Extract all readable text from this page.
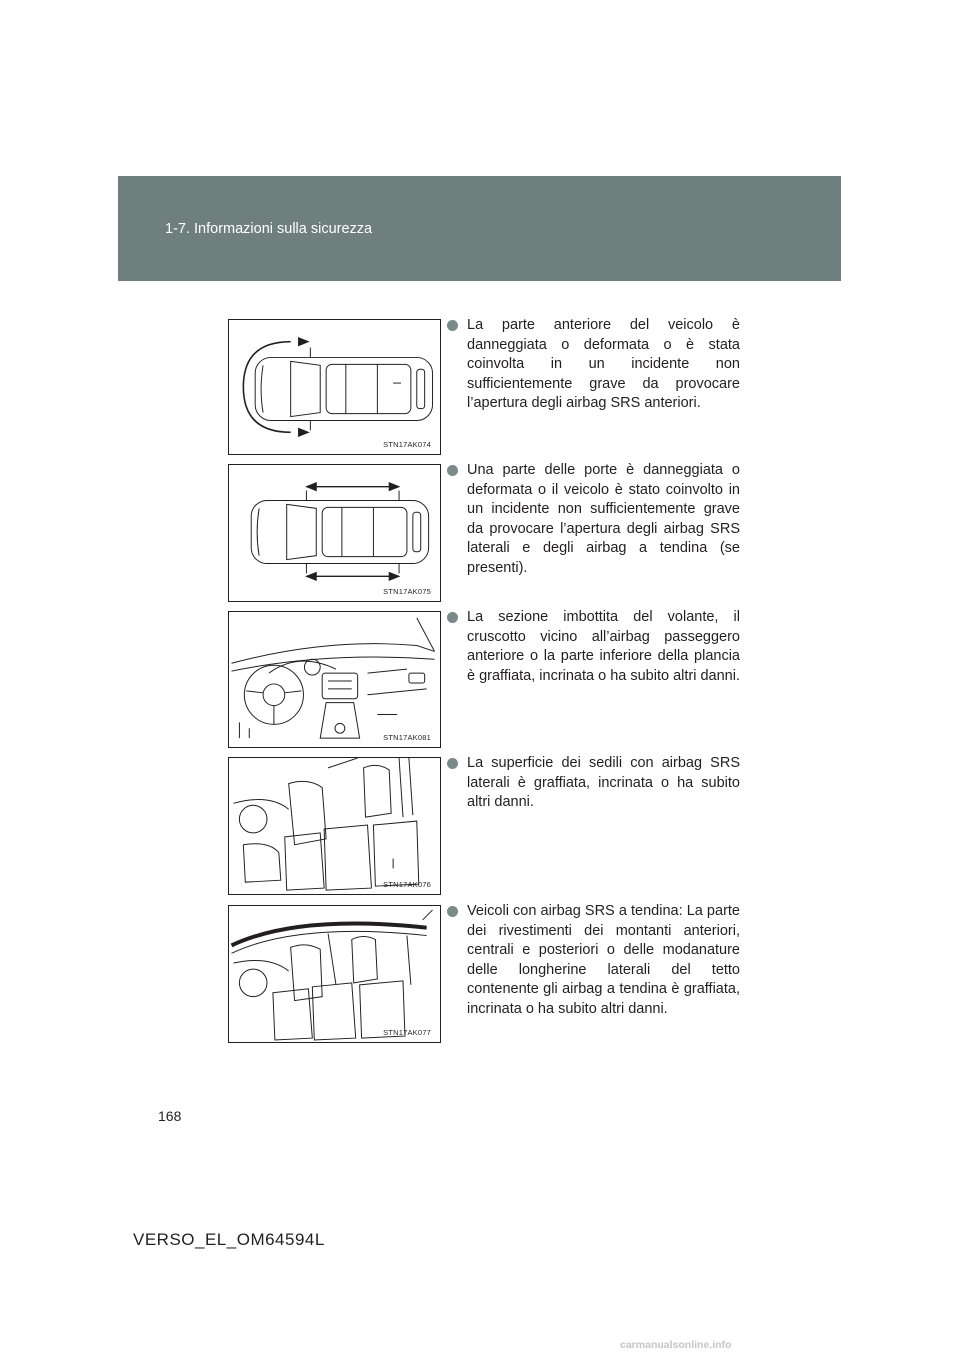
1-7. Informazioni sulla sicurezza
STN17AK074
STN17AK075
STN17AK081
STN17AK076
STN17AK077
La parte anteriore del veicolo è danneggiata o deformata o è stata coinvolta in un incidente non sufficientemente grave da provocare l’apertura degli airbag SRS anteriori.
Una parte delle porte è danneggiata o deformata o il veicolo è stato coinvolto in un incidente non sufficientemente grave da provocare l’apertura degli airbag SRS laterali e degli airbag a tendina (se presenti).
La sezione imbottita del volante, il cruscotto vicino all’airbag passeggero anteriore o la parte inferiore della plancia è graffiata, incrinata o ha subito altri danni.
La superficie dei sedili con airbag SRS laterali è graffiata, incrinata o ha subito altri danni.
Veicoli con airbag SRS a tendina: La parte dei rivestimenti dei montanti anteriori, centrali e posteriori o delle modanature delle longherine laterali del tetto contenente gli airbag a tendina è graffiata, incrinata o ha subito altri danni.
168
VERSO_EL_OM64594L
carmanualsonline.info
